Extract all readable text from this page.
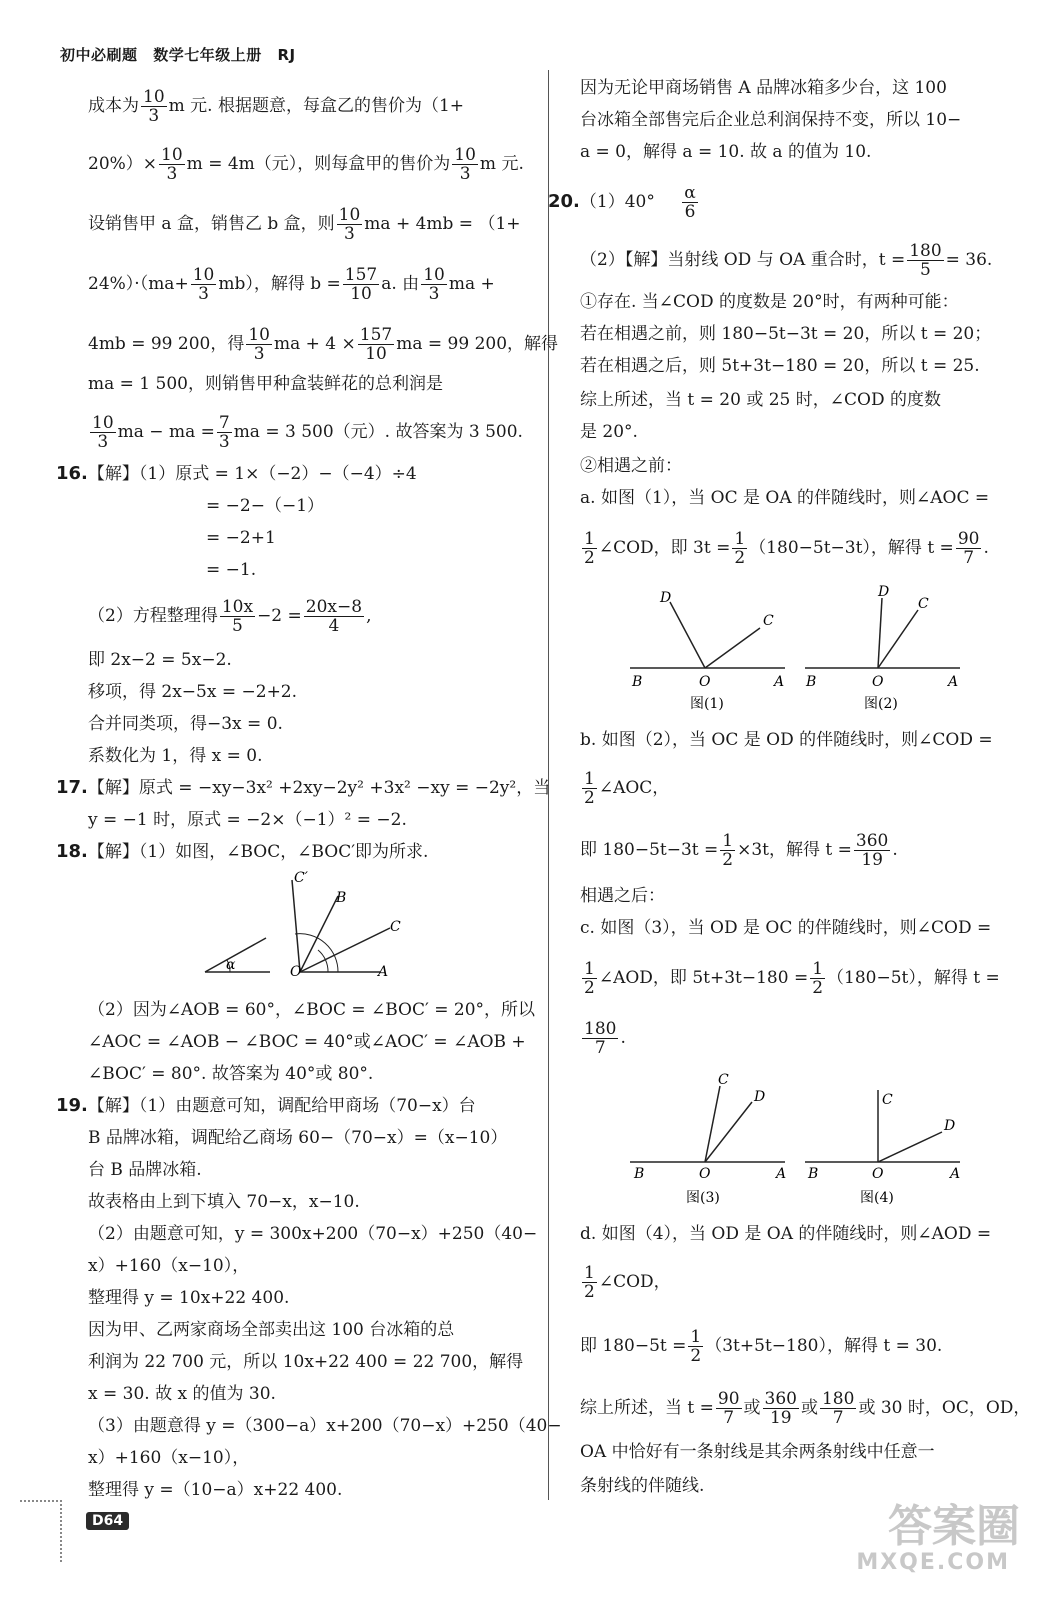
初中必刷题 数学七年级上册 RJ
成本为 $\frac{10}{3}$ m 元. 根据题意，每盒乙的售价为（1+
$20\%)\times \frac{10}{3}$ m = 4m（元），则每盒甲的售价为 $\frac{10}{3}$ m 元.
设销售甲 a 盒，销售乙 b 盒，则 $\frac{10}{3}$ ma + 4mb = （1+
$24\%)\cdot(ma+ \frac{10}{3} mb)$，解得 $b = \frac{157}{10} a$. 由 $\frac{10}{3}$ ma +
4mb = 99 200，得 $\frac{10}{3}$ ma + $4 \times \frac{157}{10}$ ma = 99 200，解得
ma = 1 500，则销售甲种盒装鲜花的总利润是
$\frac{10}{3}$ ma − ma = $\frac{7}{3}$ ma = 3 500（元）. 故答案为 3 500.
16.【解】（1）原式 = 1×（−2）−（−4）÷4
= −2−（−1）
= −2+1
= −1.
（2）方程整理得 $\frac{10x}{5} -2 = \frac{20x-8}{4}$ ,
即 2x−2 = 5x−2.
移项，得 2x−5x = −2+2.
合并同类项，得−3x = 0.
系数化为 1，得 x = 0.
17.【解】原式 = −xy−3x² +2xy−2y² +3x² −xy = −2y²，当
y = −1 时，原式 = −2×（−1）² = −2.
18.【解】（1）如图，∠BOC，∠BOC′即为所求.
α	O	A
B
C
C′
（2）因为∠AOB = 60°，∠BOC = ∠BOC′ = 20°，所以
∠AOC = ∠AOB − ∠BOC = 40°或∠AOC′ = ∠AOB +
∠BOC′ = 80°. 故答案为 40°或 80°.
19.【解】（1）由题意可知，调配给甲商场（70−x）台
B 品牌冰箱，调配给乙商场 60−（70−x）=（x−10）
台 B 品牌冰箱.
故表格由上到下填入 70−x，x−10.
（2）由题意可知，y = 300x+200（70−x）+250（40−
x）+160（x−10），
整理得 y = 10x+22 400.
因为甲、乙两家商场全部卖出这 100 台冰箱的总
利润为 22 700 元，所以 10x+22 400 = 22 700，解得
x = 30. 故 x 的值为 30.
（3）由题意得 y =（300−a）x+200（70−x）+250（40−
x）+160（x−10），
整理得 y =（10−a）x+22 400.
因为无论甲商场销售 A 品牌冰箱多少台，这 100
台冰箱全部售完后企业总利润保持不变，所以 10−
a = 0，解得 a = 10. 故 a 的值为 10.
$20.(1)40^\circ \frac{\alpha}{6}$
（2）【解】当射线 OD 与 OA 重合时，$t = \frac{180}{5} = 36$.
①存在. 当∠COD 的度数是 20°时，有两种可能：
若在相遇之前，则 180−5t−3t = 20，所以 t = 20；
若在相遇之后，则 5t+3t−180 = 20，所以 t = 25.
综上所述，当 t = 20 或 25 时，∠COD 的度数
是 20°.
②相遇之前：
a. 如图（1），当 OC 是 OA 的伴随线时，则∠AOC =
$\frac{1}{2}$ ∠COD，即 $3t = \frac{1}{2} (180-5t-3t)$，解得 $t = \frac{90}{7}$ .
B	O	A
D
C
图(1)
B	O	A
D
C
图(2)
b. 如图（2），当 OC 是 OD 的伴随线时，则∠COD =
$\frac{1}{2}$ ∠AOC，
即 $180-5t-3t = \frac{1}{2} \times 3t$，解得 $t = \frac{360}{19}$ .
相遇之后：
c. 如图（3），当 OD 是 OC 的伴随线时，则∠COD =
$\frac{1}{2}$ ∠AOD，即 $5t+3t-180 = \frac{1}{2} (180-5t)$，解得 t =
$\frac{180}{7}$ .
B	O	A
C
D
图(3)
B	O	A
C
D
图(4)
d. 如图（4），当 OD 是 OA 的伴随线时，则∠AOD =
$\frac{1}{2}$ ∠COD，
即 $180-5t = \frac{1}{2} (3t+5t-180)$，解得 t = 30.
综上所述，当 $t = \frac{90}{7}$ 或 $\frac{360}{19}$ 或 $\frac{180}{7}$ 或 30 时，OC，OD，
OA 中恰好有一条射线是其余两条射线中任意一
条射线的伴随线.
D64	答案圈
MXQE.COM
